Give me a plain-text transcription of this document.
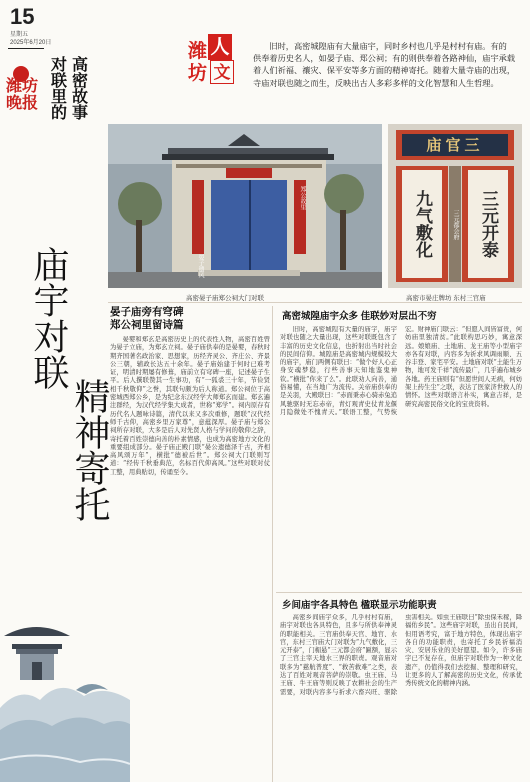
15
星期五
2025年6月20日
潍坊晚报 对联里的 高密故事
庙宇对联
精神寄托
潍 人
坊 文
旧时，高密城隍庙有大量庙宇，同时乡村也几乎是村村有庙。有的供奉着历史名人，如晏子庙、郑公祠；有的则供奉着各路神仙，庙宇承载着人们祈福、禳灾、保平安等多方面的精神寄托。随着大量寺庙的出现，寺庙对联也随之而生，反映出古人多彩多样的文化智慧和人生哲理。
晏子遗风
郑公故里
高密晏子庙郑公祠大门对联
庙官三
九气敷化	三元开泰
三元都会府
高密市晏庄牌坊 东村三官庙
晏子庙旁有穹碑
郑公祠里留诗篇
晏婴和郑玄是高密历史上的代表性人物，高密百姓曾为晏子立庙，为郑玄立祠。晏子庙供奉的是晏婴，春秋时期齐国著名政治家、思想家，历经齐灵公、齐庄公、齐景公三朝，辅政长达五十余年。晏子庙始建于何时已难考证，明清时期屡有修葺，庙前立有穹碑一座，记述晏子生平。后人撰联赞其一生事功，有“一狐裘三十年，节俭贤相千秋敬仰”之誉，其联句颇为后人称道。郑公祠位于高密城西郑公乡，是为纪念东汉经学大师郑玄而建。郑玄遍注群经，为汉代经学集大成者，世称“郑学”。祠内原存有历代名人题咏诗篇，清代以来又多次重修，题联“汉代经师千古仰，高密乡里万家尊”，意蕴深厚。晏子庙与郑公祠所存对联，大多是后人对先贤人格与学问的敬仰之辞，寄托着百姓崇德向善的朴素情感，也成为高密地方文化的重要组成部分。晏子庙正殿门联“晏公遗德泽千古，齐相高风颂万年”，横批“德被后世”。郑公祠大门联则写道：“经传千秋垂典范，名标百代仰高风。”这些对联对仗工整，用典贴切，传诵至今。
高密城隍庙宇众多 佳联妙对层出不穷
旧时，高密城隍有大量的庙宇，庙宇对联也随之大量出现，这些对联既包含了丰富的历史文化信息，也折射出当时社会的民间信仰。城隍庙是高密城内规模较大的庙宇，庙门两侧有联曰：“做个好人心正身安魂梦稳，行些善事天知地鉴鬼神钦。”横批“你来了么”。此联劝人向善，通俗易懂，在当地广为流传。关帝庙供奉的是关羽，大殿联曰：“赤面秉赤心骑赤兔追风驰驱时无忘赤帝，青灯观青史仗青龙偃月隐微处不愧青天。”联语工整，气势恢宏。财神庙门联云：“但愿人间皆富贵，何妨庙里独清贫。”此联构思巧妙，寓意深远。娘娘庙、土地庙、龙王庙等小型庙宇亦各有对联，内容多为祈求风调雨顺、五谷丰登、家宅平安。土地庙对联“土能生万物，地可发千祥”流传最广，几乎遍布城乡各地。药王庙则有“但愿世间人无病，何妨架上药生尘”之联，表达了医家济世救人的情怀。这些对联语言朴实，寓意吉祥，是研究高密民俗文化的宝贵资料。
乡间庙宇各具特色 楹联显示功能职责
高密乡间庙宇众多，几乎村村有庙，庙宇对联也各具特色，且多与所供奉神灵的职能相关。三官庙供奉天官、地官、水官，东村三官庙大门对联为“九气敷化，三元开泰”，门楣悬“三元都会府”匾额，显示了三官主宰天地水三界的职责。观音庙对联多为“慈航普度”、“救苦救难”之类，表达了百姓对观音菩萨的崇敬。虫王庙、马王庙、牛王庙等则反映了农耕社会的生产需要，对联内容多与祈求六畜兴旺、驱除虫害相关。如虫王庙联曰“除虫保禾稼，降福佑乡民”。这些庙宇对联，虽出自民间，但用语考究，富于地方特色，体现出庙宇各自的功能职责，也寄托了乡民祈福消灾、安居乐业的美好愿望。如今，许多庙宇已不复存在，但庙宇对联作为一种文化遗产，仍值得我们去挖掘、整理和研究，让更多的人了解高密的历史文化，传承优秀传统文化的精神内涵。
